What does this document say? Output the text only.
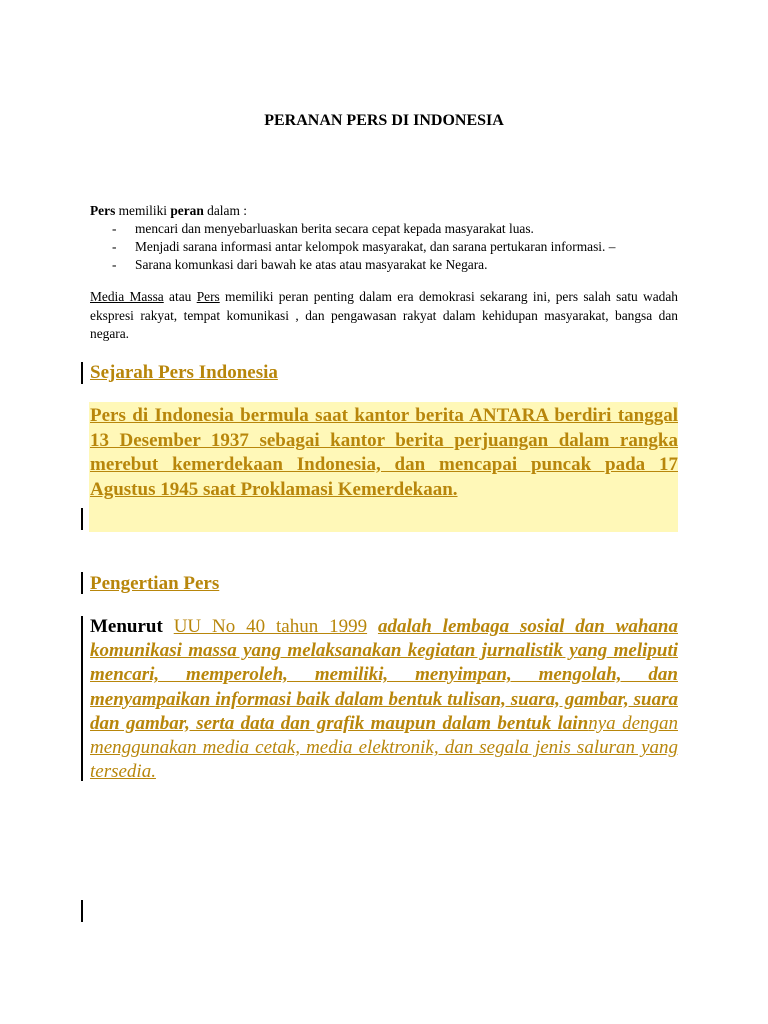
PERANAN PERS DI INDONESIA
Pers memiliki peran dalam :
- mencari dan menyebarluaskan berita secara cepat kepada masyarakat luas.
- Menjadi sarana informasi antar kelompok masyarakat, dan sarana pertukaran informasi. –
- Sarana komunkasi dari bawah ke atas atau masyarakat ke Negara.
Media Massa atau Pers memiliki peran penting dalam era demokrasi sekarang ini, pers salah satu wadah ekspresi rakyat, tempat komunikasi , dan pengawasan rakyat dalam kehidupan masyarakat, bangsa dan negara.
Sejarah Pers Indonesia
Pers di Indonesia bermula saat kantor berita ANTARA berdiri tanggal 13 Desember 1937 sebagai kantor berita perjuangan dalam rangka merebut kemerdekaan Indonesia, dan mencapai puncak pada 17 Agustus 1945 saat Proklamasi Kemerdekaan.
Pengertian Pers
Menurut UU No 40 tahun 1999 adalah lembaga sosial dan wahana komunikasi massa yang melaksanakan kegiatan jurnalistik yang meliputi mencari, memperoleh, memiliki, menyimpan, mengolah, dan menyampaikan informasi baik dalam bentuk tulisan, suara, gambar, suara dan gambar, serta data dan grafik maupun dalam bentuk lainnya dengan menggunakan media cetak, media elektronik, dan segala jenis saluran yang tersedia.
